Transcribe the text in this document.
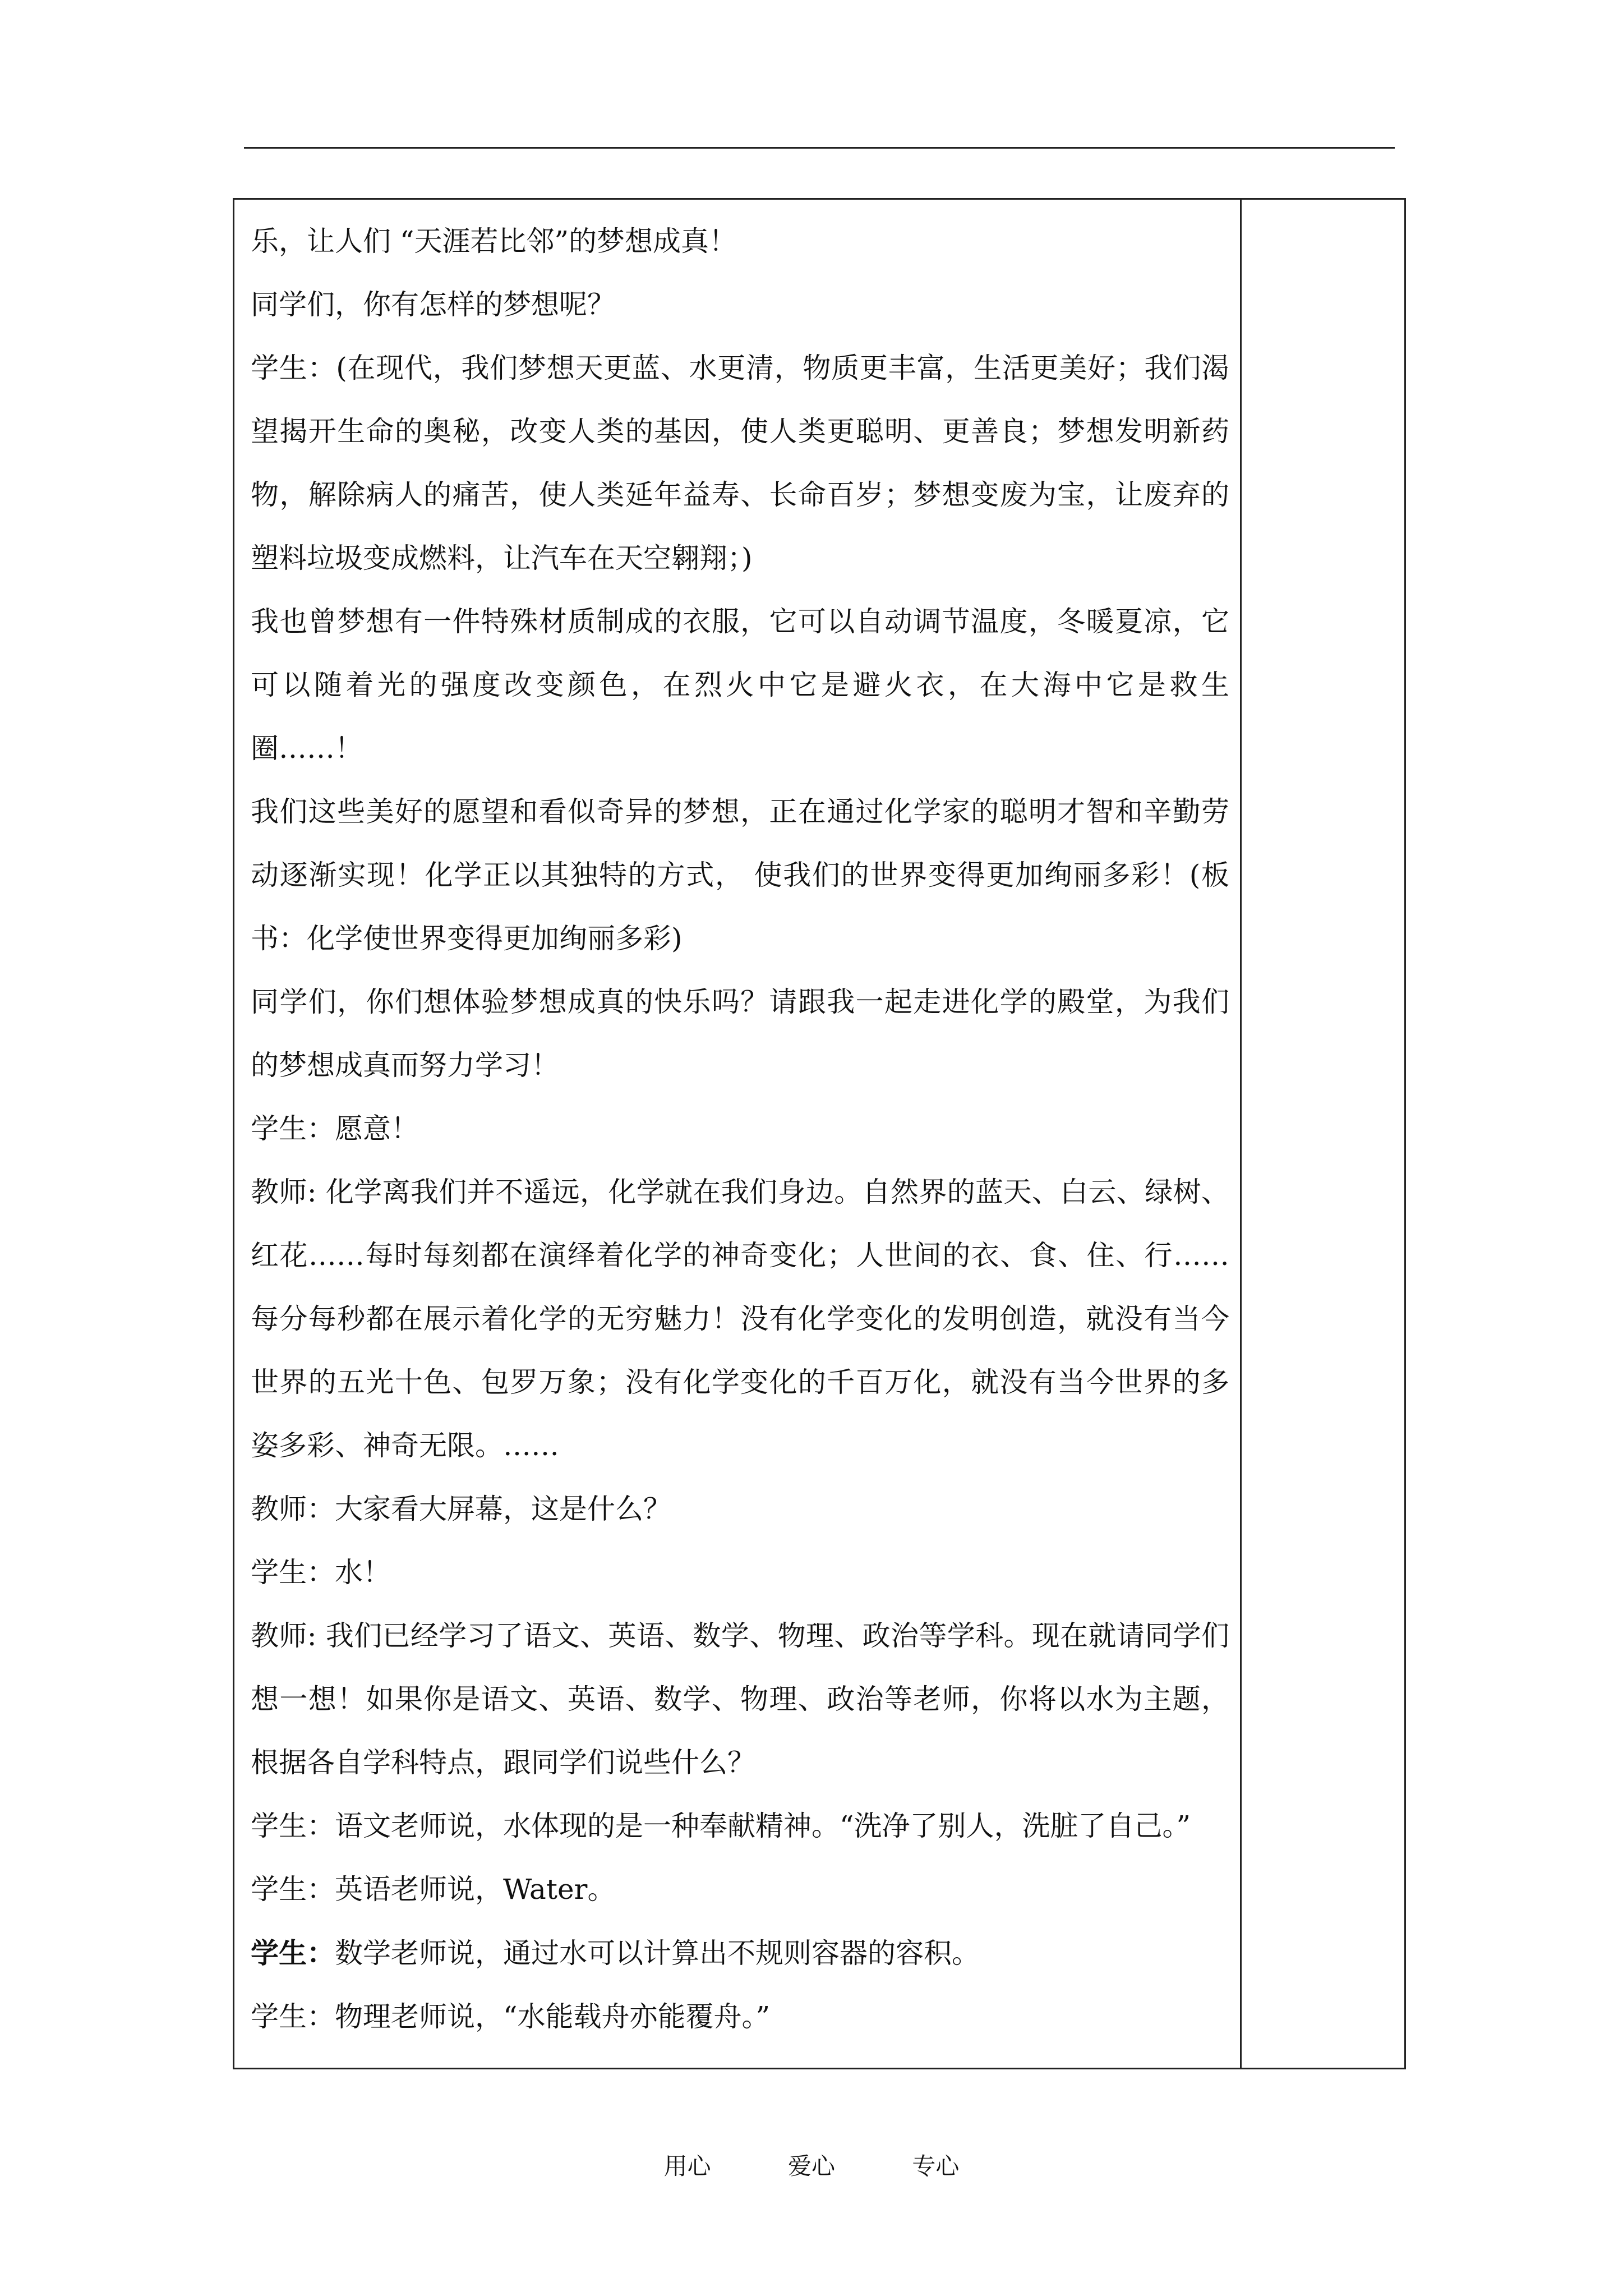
乐，让人们 “天涯若比邻”的梦想成真！

同学们，你有怎样的梦想呢？

学生：(在现代，我们梦想天更蓝、水更清，物质更丰富，生活更美好；我们渴望揭开生命的奥秘，改变人类的基因，使人类更聪明、更善良；梦想发明新药物，解除病人的痛苦，使人类延年益寿、长命百岁；梦想变废为宝，让废弃的塑料垃圾变成燃料，让汽车在天空翱翔；)

我也曾梦想有一件特殊材质制成的衣服，它可以自动调节温度，冬暖夏凉，它可以随着光的强度改变颜色，在烈火中它是避火衣，在大海中它是救生圈……！

我们这些美好的愿望和看似奇异的梦想，正在通过化学家的聪明才智和辛勤劳动逐渐实现！化学正以其独特的方式， 使我们的世界变得更加绚丽多彩！(板书：化学使世界变得更加绚丽多彩)

同学们，你们想体验梦想成真的快乐吗？请跟我一起走进化学的殿堂，为我们的梦想成真而努力学习！

学生：愿意！

教师: 化学离我们并不遥远，化学就在我们身边。自然界的蓝天、白云、绿树、红花……每时每刻都在演绎着化学的神奇变化；人世间的衣、食、住、行……每分每秒都在展示着化学的无穷魅力！没有化学变化的发明创造，就没有当今世界的五光十色、包罗万象；没有化学变化的千百万化，就没有当今世界的多姿多彩、神奇无限。……

教师：大家看大屏幕，这是什么？

学生：水！

教师: 我们已经学习了语文、英语、数学、物理、政治等学科。现在就请同学们想一想！如果你是语文、英语、数学、物理、政治等老师，你将以水为主题，根据各自学科特点，跟同学们说些什么？

学生：语文老师说，水体现的是一种奉献精神。“洗净了别人，洗脏了自己。”

学生：英语老师说，Water。

学生：数学老师说，通过水可以计算出不规则容器的容积。

学生：物理老师说，“水能载舟亦能覆舟。”

用心	爱心	专心
